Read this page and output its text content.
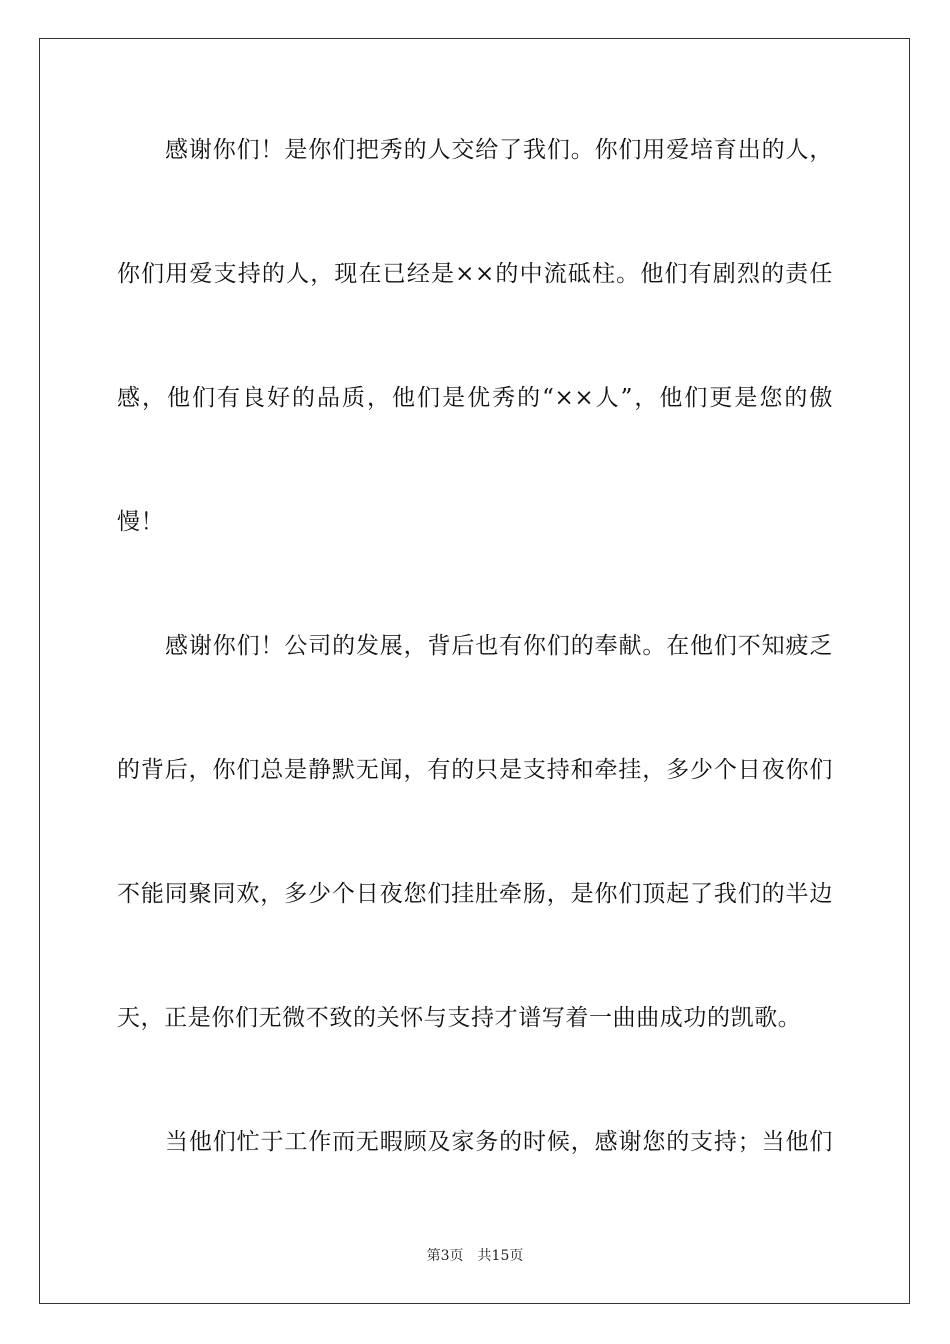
感谢你们！是你们把秀的人交给了我们。你们用爱培育出的人，
你们用爱支持的人，现在已经是××的中流砥柱。他们有剧烈的责任
感，他们有良好的品质，他们是优秀的“××人”，他们更是您的傲
慢！
感谢你们！公司的发展，背后也有你们的奉献。在他们不知疲乏
的背后，你们总是静默无闻，有的只是支持和牵挂，多少个日夜你们
不能同聚同欢，多少个日夜您们挂肚牵肠，是你们顶起了我们的半边
天，正是你们无微不致的关怀与支持才谱写着一曲曲成功的凯歌。
当他们忙于工作而无暇顾及家务的时候，感谢您的支持；当他们
第3页 共15页
